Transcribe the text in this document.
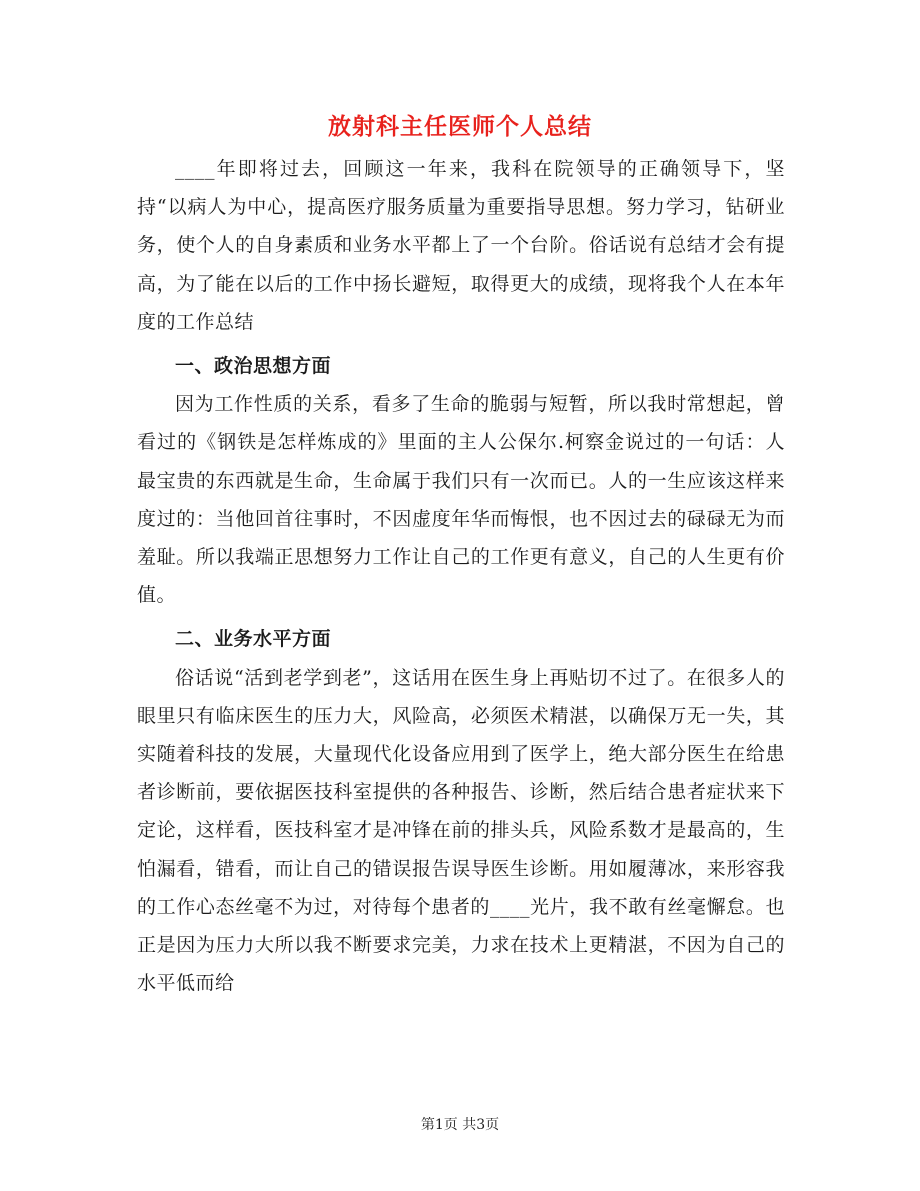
放射科主任医师个人总结

____年即将过去，回顾这一年来，我科在院领导的正确领导下，坚持“以病人为中心，提高医疗服务质量为重要指导思想。努力学习，钻研业务，使个人的自身素质和业务水平都上了一个台阶。俗话说有总结才会有提高，为了能在以后的工作中扬长避短，取得更大的成绩，现将我个人在本年度的工作总结

一、政治思想方面

因为工作性质的关系，看多了生命的脆弱与短暂，所以我时常想起，曾看过的《钢铁是怎样炼成的》里面的主人公保尔.柯察金说过的一句话：人最宝贵的东西就是生命，生命属于我们只有一次而已。人的一生应该这样来度过的：当他回首往事时，不因虚度年华而悔恨，也不因过去的碌碌无为而羞耻。所以我端正思想努力工作让自己的工作更有意义，自己的人生更有价值。

二、业务水平方面

俗话说“活到老学到老”，这话用在医生身上再贴切不过了。在很多人的眼里只有临床医生的压力大，风险高，必须医术精湛，以确保万无一失，其实随着科技的发展，大量现代化设备应用到了医学上，绝大部分医生在给患者诊断前，要依据医技科室提供的各种报告、诊断，然后结合患者症状来下定论，这样看，医技科室才是冲锋在前的排头兵，风险系数才是最高的，生怕漏看，错看，而让自己的错误报告误导医生诊断。用如履薄冰，来形容我的工作心态丝毫不为过，对待每个患者的____光片，我不敢有丝毫懈怠。也正是因为压力大所以我不断要求完美，力求在技术上更精湛，不因为自己的水平低而给

第1页 共3页
